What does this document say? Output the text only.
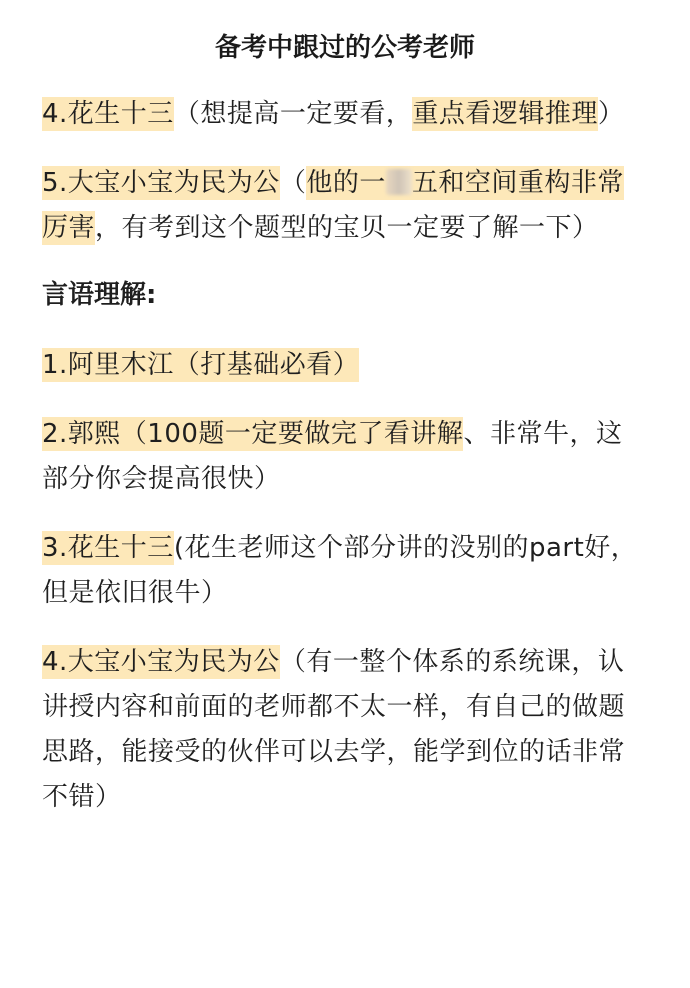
备考中跟过的公考老师
4.花生十三（想提高一定要看，重点看逻辑推理）
5.大宝小宝为民为公（他的一 五和空间重构非常厉害，有考到这个题型的宝贝一定要了解一下）
言语理解:
1.阿里木江（打基础必看）
2.郭熙（100题一定要做完了看讲解、非常牛，这部分你会提高很快）
3.花生十三(花生老师这个部分讲的没别的part好，但是依旧很牛）
4.大宝小宝为民为公（有一整个体系的系统课，认讲授内容和前面的老师都不太一样，有自己的做题思路，能接受的伙伴可以去学，能学到位的话非常不错）
